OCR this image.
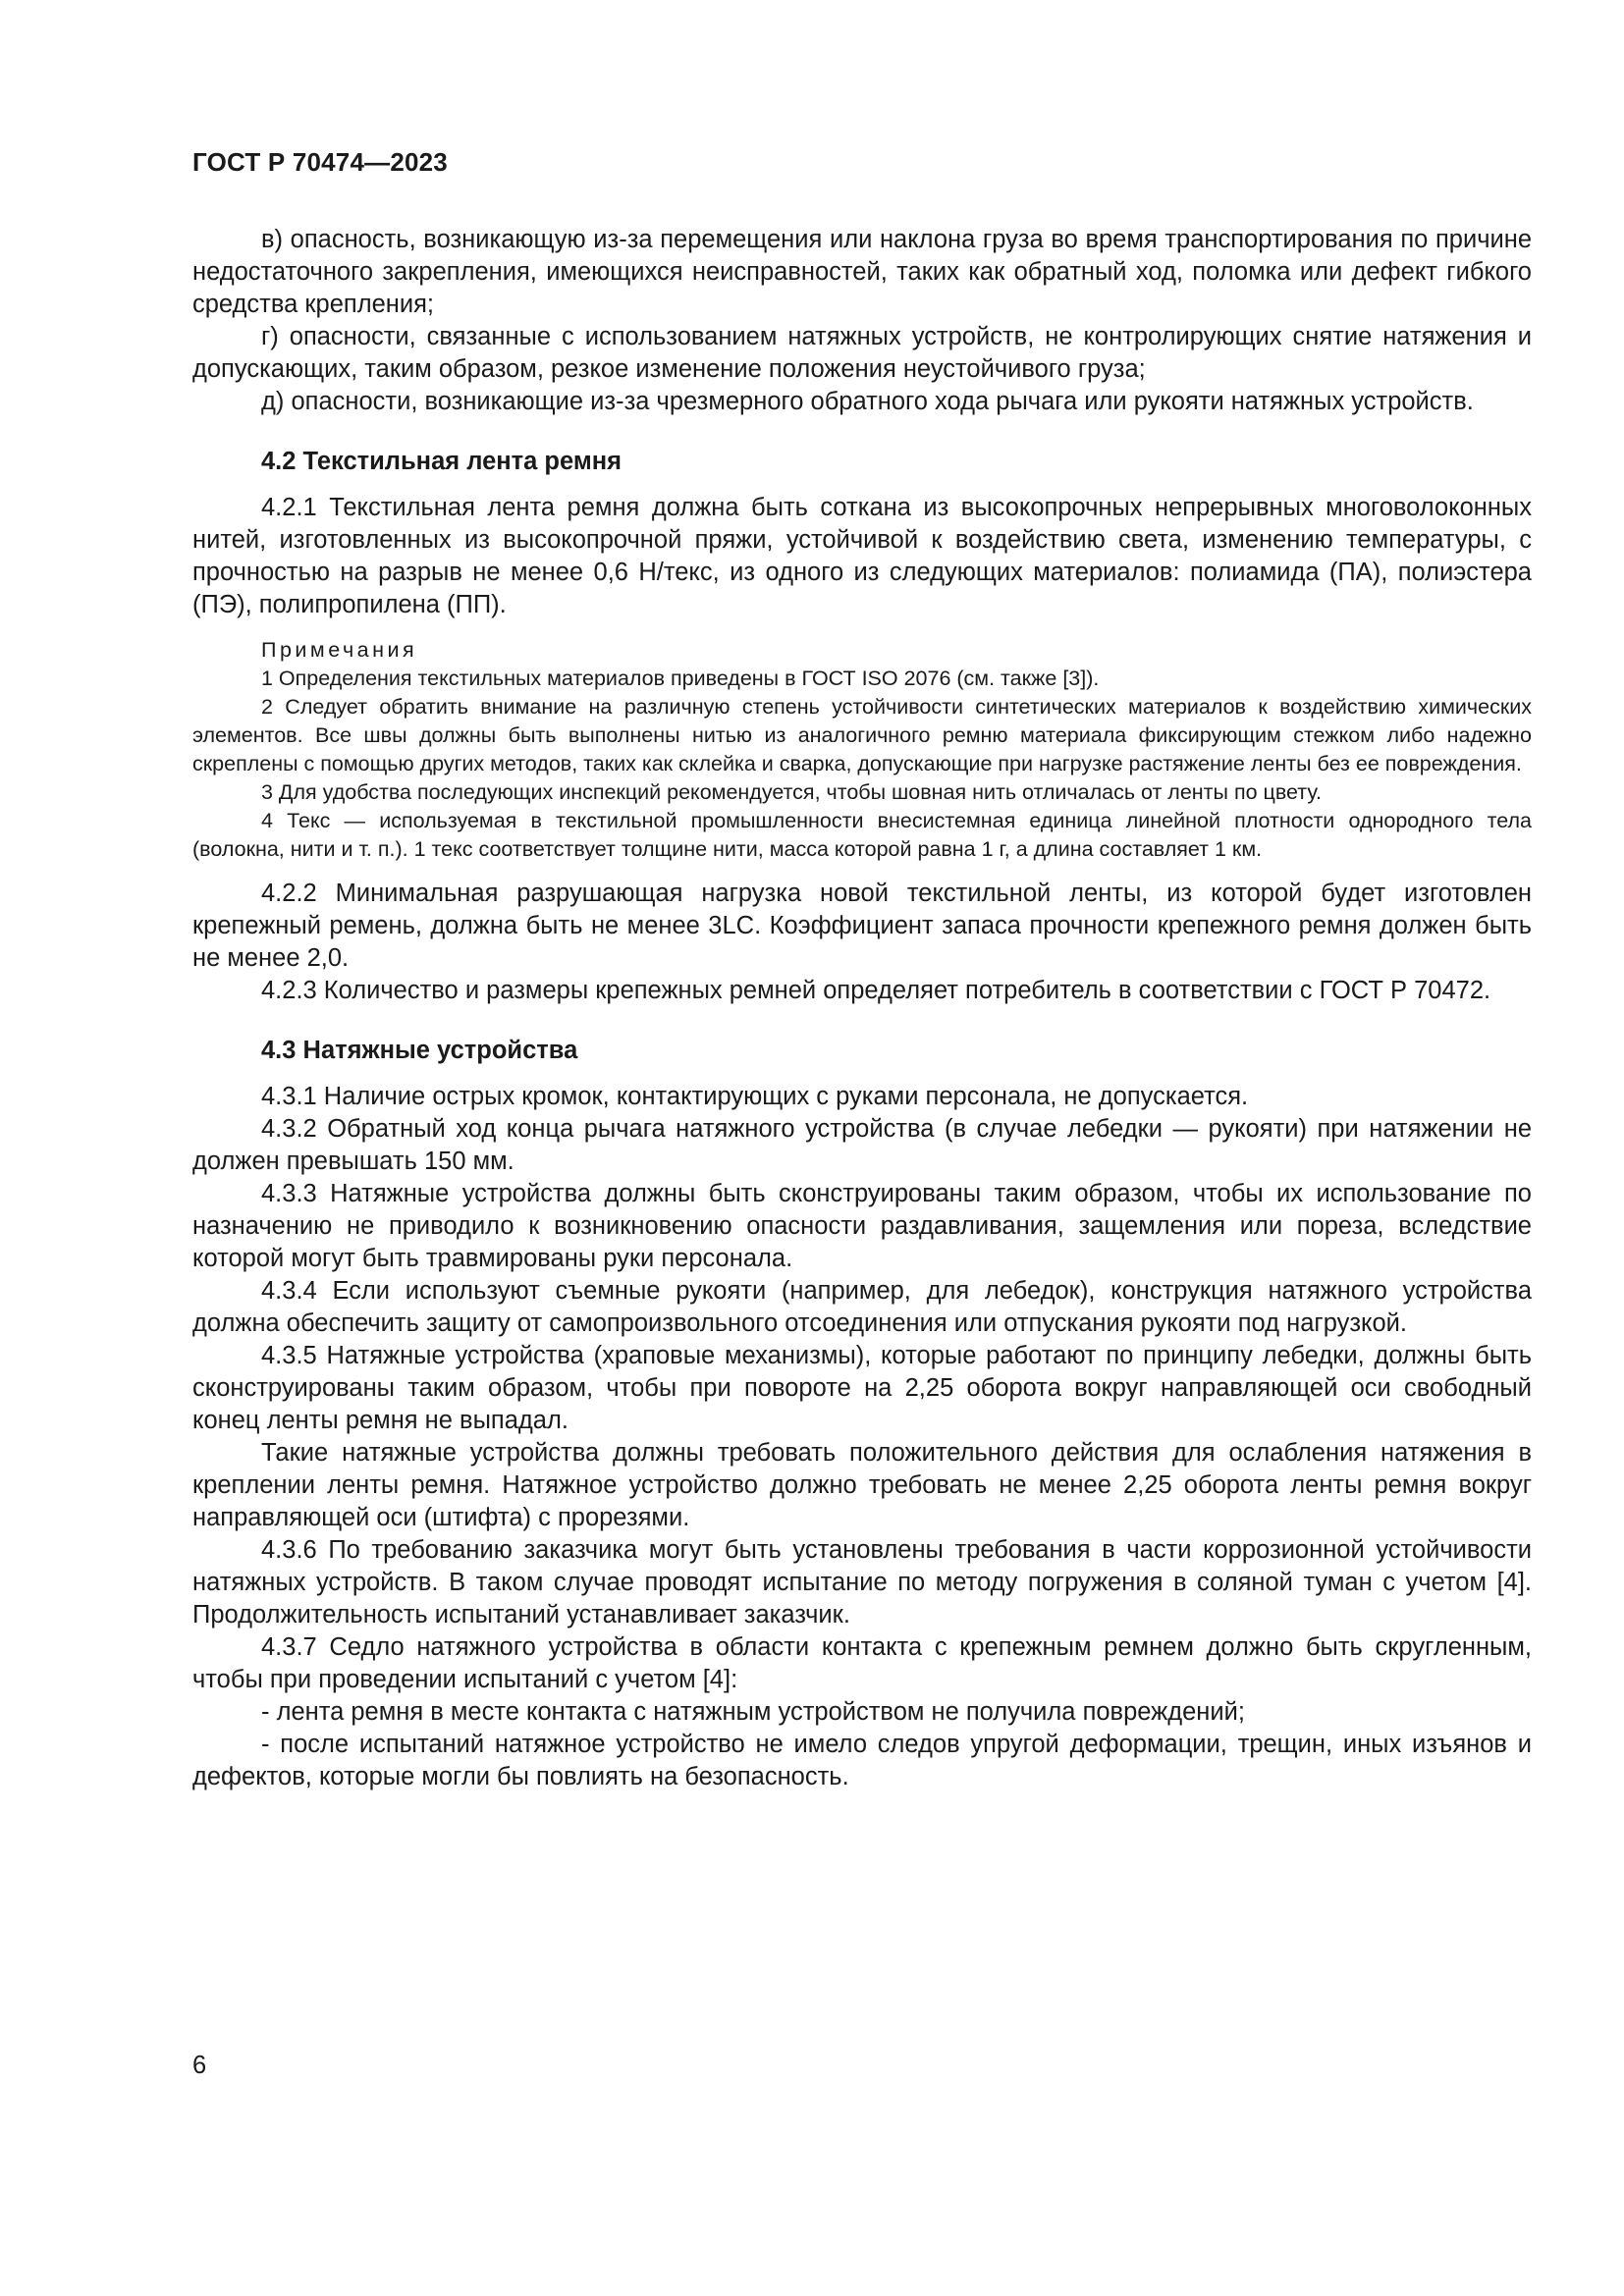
ГОСТ Р 70474—2023

в) опасность, возникающую из-за перемещения или наклона груза во время транспортирования по причине недостаточного закрепления, имеющихся неисправностей, таких как обратный ход, поломка или дефект гибкого средства крепления;

г) опасности, связанные с использованием натяжных устройств, не контролирующих снятие натяжения и допускающих, таким образом, резкое изменение положения неустойчивого груза;

д) опасности, возникающие из-за чрезмерного обратного хода рычага или рукояти натяжных устройств.

4.2 Текстильная лента ремня

4.2.1 Текстильная лента ремня должна быть соткана из высокопрочных непрерывных многоволоконных нитей, изготовленных из высокопрочной пряжи, устойчивой к воздействию света, изменению температуры, с прочностью на разрыв не менее 0,6 Н/текс, из одного из следующих материалов: полиамида (ПА), полиэстера (ПЭ), полипропилена (ПП).

Примечания

1 Определения текстильных материалов приведены в ГОСТ ISO 2076 (см. также [3]).

2 Следует обратить внимание на различную степень устойчивости синтетических материалов к воздействию химических элементов. Все швы должны быть выполнены нитью из аналогичного ремню материала фиксирующим стежком либо надежно скреплены с помощью других методов, таких как склейка и сварка, допускающие при нагрузке растяжение ленты без ее повреждения.

3 Для удобства последующих инспекций рекомендуется, чтобы шовная нить отличалась от ленты по цвету.

4 Текс — используемая в текстильной промышленности внесистемная единица линейной плотности однородного тела (волокна, нити и т. п.). 1 текс соответствует толщине нити, масса которой равна 1 г, а длина составляет 1 км.

4.2.2 Минимальная разрушающая нагрузка новой текстильной ленты, из которой будет изготовлен крепежный ремень, должна быть не менее 3LC. Коэффициент запаса прочности крепежного ремня должен быть не менее 2,0.

4.2.3 Количество и размеры крепежных ремней определяет потребитель в соответствии с ГОСТ Р 70472.

4.3 Натяжные устройства

4.3.1 Наличие острых кромок, контактирующих с руками персонала, не допускается.

4.3.2 Обратный ход конца рычага натяжного устройства (в случае лебедки — рукояти) при натяжении не должен превышать 150 мм.

4.3.3 Натяжные устройства должны быть сконструированы таким образом, чтобы их использование по назначению не приводило к возникновению опасности раздавливания, защемления или пореза, вследствие которой могут быть травмированы руки персонала.

4.3.4 Если используют съемные рукояти (например, для лебедок), конструкция натяжного устройства должна обеспечить защиту от самопроизвольного отсоединения или отпускания рукояти под нагрузкой.

4.3.5 Натяжные устройства (храповые механизмы), которые работают по принципу лебедки, должны быть сконструированы таким образом, чтобы при повороте на 2,25 оборота вокруг направляющей оси свободный конец ленты ремня не выпадал.

Такие натяжные устройства должны требовать положительного действия для ослабления натяжения в креплении ленты ремня. Натяжное устройство должно требовать не менее 2,25 оборота ленты ремня вокруг направляющей оси (штифта) с прорезями.

4.3.6 По требованию заказчика могут быть установлены требования в части коррозионной устойчивости натяжных устройств. В таком случае проводят испытание по методу погружения в соляной туман с учетом [4]. Продолжительность испытаний устанавливает заказчик.

4.3.7 Седло натяжного устройства в области контакта с крепежным ремнем должно быть скругленным, чтобы при проведении испытаний с учетом [4]:

- лента ремня в месте контакта с натяжным устройством не получила повреждений;

- после испытаний натяжное устройство не имело следов упругой деформации, трещин, иных изъянов и дефектов, которые могли бы повлиять на безопасность.

6
